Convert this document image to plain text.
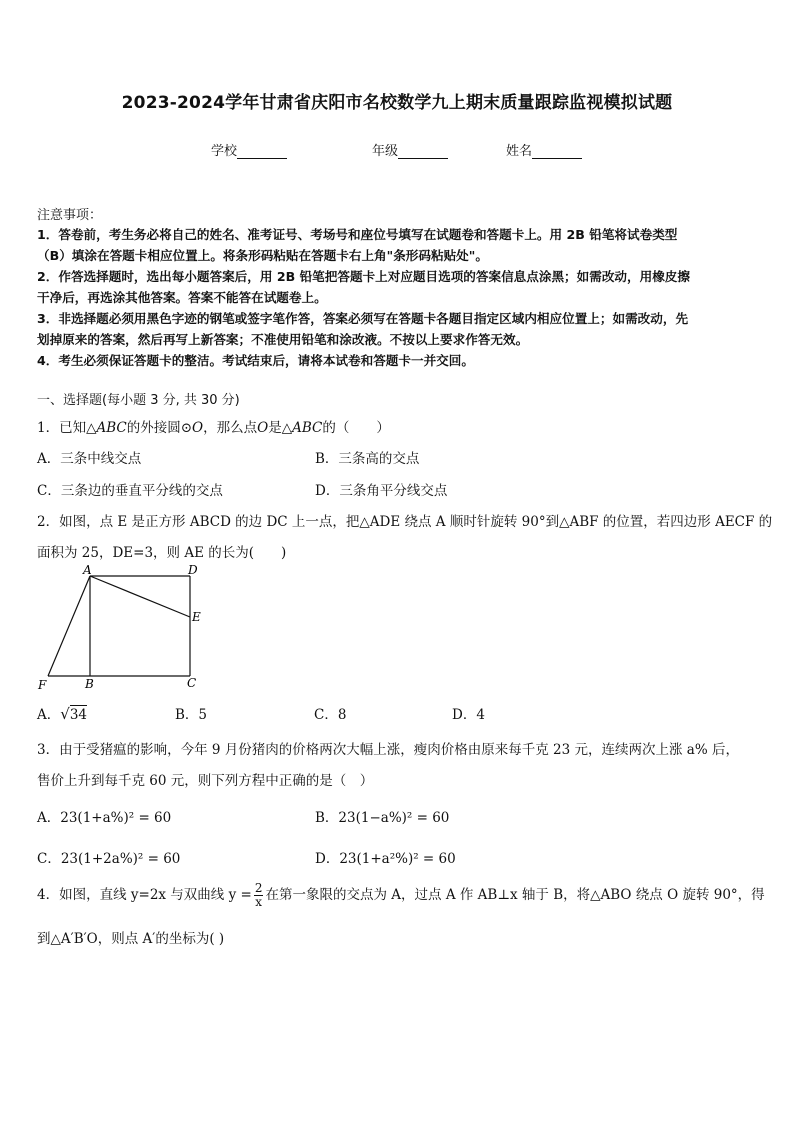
2023-2024学年甘肃省庆阳市名校数学九上期末质量跟踪监视模拟试题
学校	年级	姓名
注意事项：
1．答卷前，考生务必将自己的姓名、准考证号、考场号和座位号填写在试题卷和答题卡上。用 2B 铅笔将试卷类型
（B）填涂在答题卡相应位置上。将条形码粘贴在答题卡右上角"条形码粘贴处"。
2．作答选择题时，选出每小题答案后，用 2B 铅笔把答题卡上对应题目选项的答案信息点涂黑；如需改动，用橡皮擦
干净后，再选涂其他答案。答案不能答在试题卷上。
3．非选择题必须用黑色字迹的钢笔或签字笔作答，答案必须写在答题卡各题目指定区域内相应位置上；如需改动，先
划掉原来的答案，然后再写上新答案；不准使用铅笔和涂改液。不按以上要求作答无效。
4．考生必须保证答题卡的整洁。考试结束后，请将本试卷和答题卡一并交回。
一、选择题(每小题 3 分, 共 30 分)
1．已知△ABC的外接圆⊙O，那么点O是△ABC的（　　）
A．三条中线交点	B．三条高的交点
C．三条边的垂直平分线的交点	D．三条角平分线交点
2．如图，点 E 是正方形 ABCD 的边 DC 上一点，把△ADE 绕点 A 顺时针旋转 90°到△ABF 的位置，若四边形 AECF 的
面积为 25，DE=3，则 AE 的长为(　　)
A	D
E
F	B	C
A．√34	B．5	C．8	D．4
3．由于受猪瘟的影响，今年 9 月份猪肉的价格两次大幅上涨，瘦肉价格由原来每千克 23 元，连续两次上涨 a% 后，
售价上升到每千克 60 元，则下列方程中正确的是（　）
A．23(1+a%)² = 60	B．23(1−a%)² = 60
C．23(1+2a%)² = 60	D．23(1+a²%)² = 60
4．如图，直线 y=2x 与双曲线 $y = \frac{2}{x}$ 在第一象限的交点为 A，过点 A 作 AB⊥x 轴于 B，将△ABO 绕点 O 旋转 90°，得
到△A′B′O，则点 A′的坐标为( )
